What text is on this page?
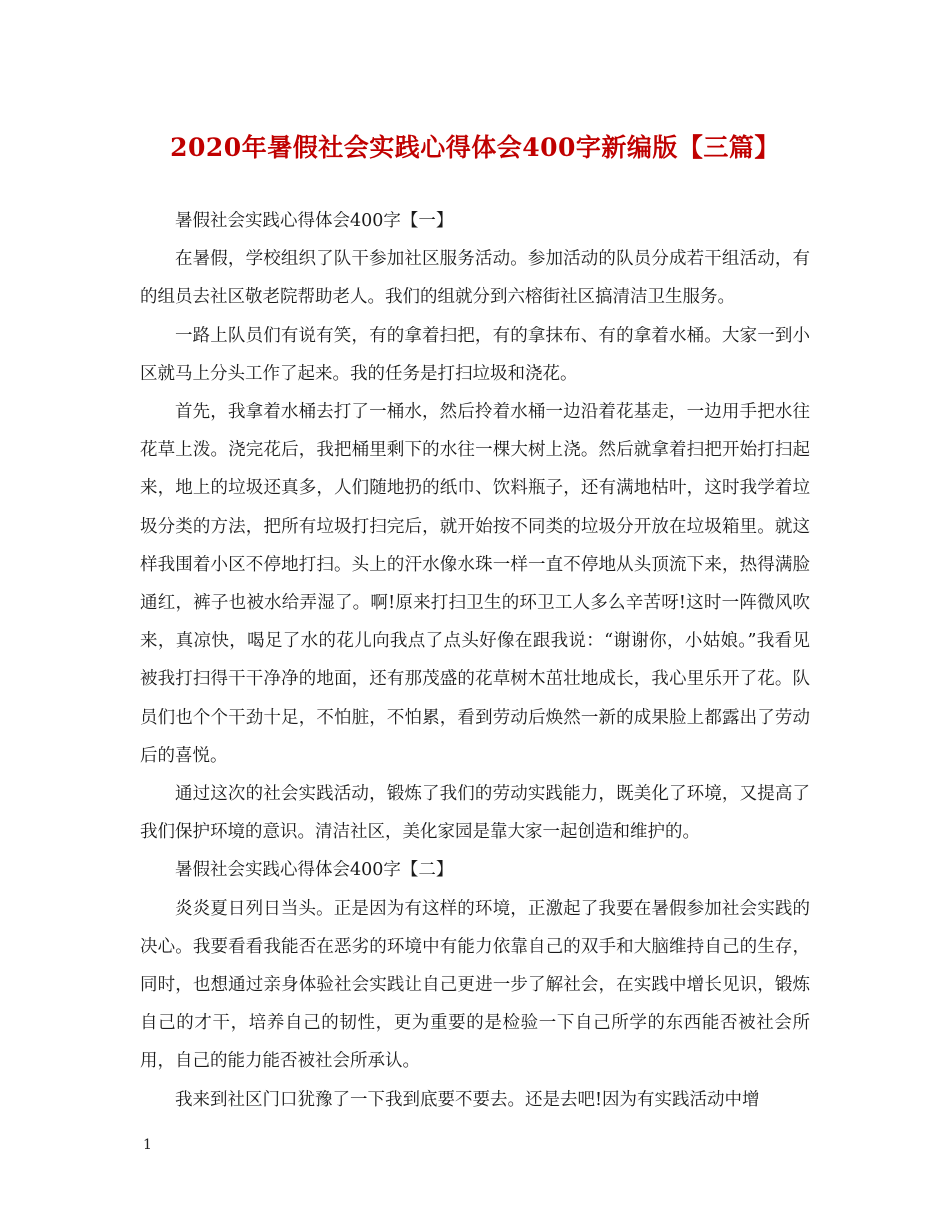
2020年暑假社会实践心得体会400字新编版【三篇】

暑假社会实践心得体会400字【一】

在暑假，学校组织了队干参加社区服务活动。参加活动的队员分成若干组活动，有的组员去社区敬老院帮助老人。我们的组就分到六榕街社区搞清洁卫生服务。

一路上队员们有说有笑，有的拿着扫把，有的拿抹布、有的拿着水桶。大家一到小区就马上分头工作了起来。我的任务是打扫垃圾和浇花。

首先，我拿着水桶去打了一桶水，然后拎着水桶一边沿着花基走，一边用手把水往花草上泼。浇完花后，我把桶里剩下的水往一棵大树上浇。然后就拿着扫把开始打扫起来，地上的垃圾还真多，人们随地扔的纸巾、饮料瓶子，还有满地枯叶，这时我学着垃圾分类的方法，把所有垃圾打扫完后，就开始按不同类的垃圾分开放在垃圾箱里。就这样我围着小区不停地打扫。头上的汗水像水珠一样一直不停地从头顶流下来，热得满脸通红，裤子也被水给弄湿了。啊!原来打扫卫生的环卫工人多么辛苦呀!这时一阵微风吹来，真凉快，喝足了水的花儿向我点了点头好像在跟我说：“谢谢你，小姑娘。”我看见被我打扫得干干净净的地面，还有那茂盛的花草树木茁壮地成长，我心里乐开了花。队员们也个个干劲十足，不怕脏，不怕累，看到劳动后焕然一新的成果脸上都露出了劳动后的喜悦。

通过这次的社会实践活动，锻炼了我们的劳动实践能力，既美化了环境，又提高了我们保护环境的意识。清洁社区，美化家园是靠大家一起创造和维护的。

暑假社会实践心得体会400字【二】

炎炎夏日列日当头。正是因为有这样的环境，正激起了我要在暑假参加社会实践的决心。我要看看我能否在恶劣的环境中有能力依靠自己的双手和大脑维持自己的生存，同时，也想通过亲身体验社会实践让自己更进一步了解社会，在实践中增长见识，锻炼自己的才干，培养自己的韧性，更为重要的是检验一下自己所学的东西能否被社会所用，自己的能力能否被社会所承认。

我来到社区门口犹豫了一下我到底要不要去。还是去吧!因为有实践活动中增

1
